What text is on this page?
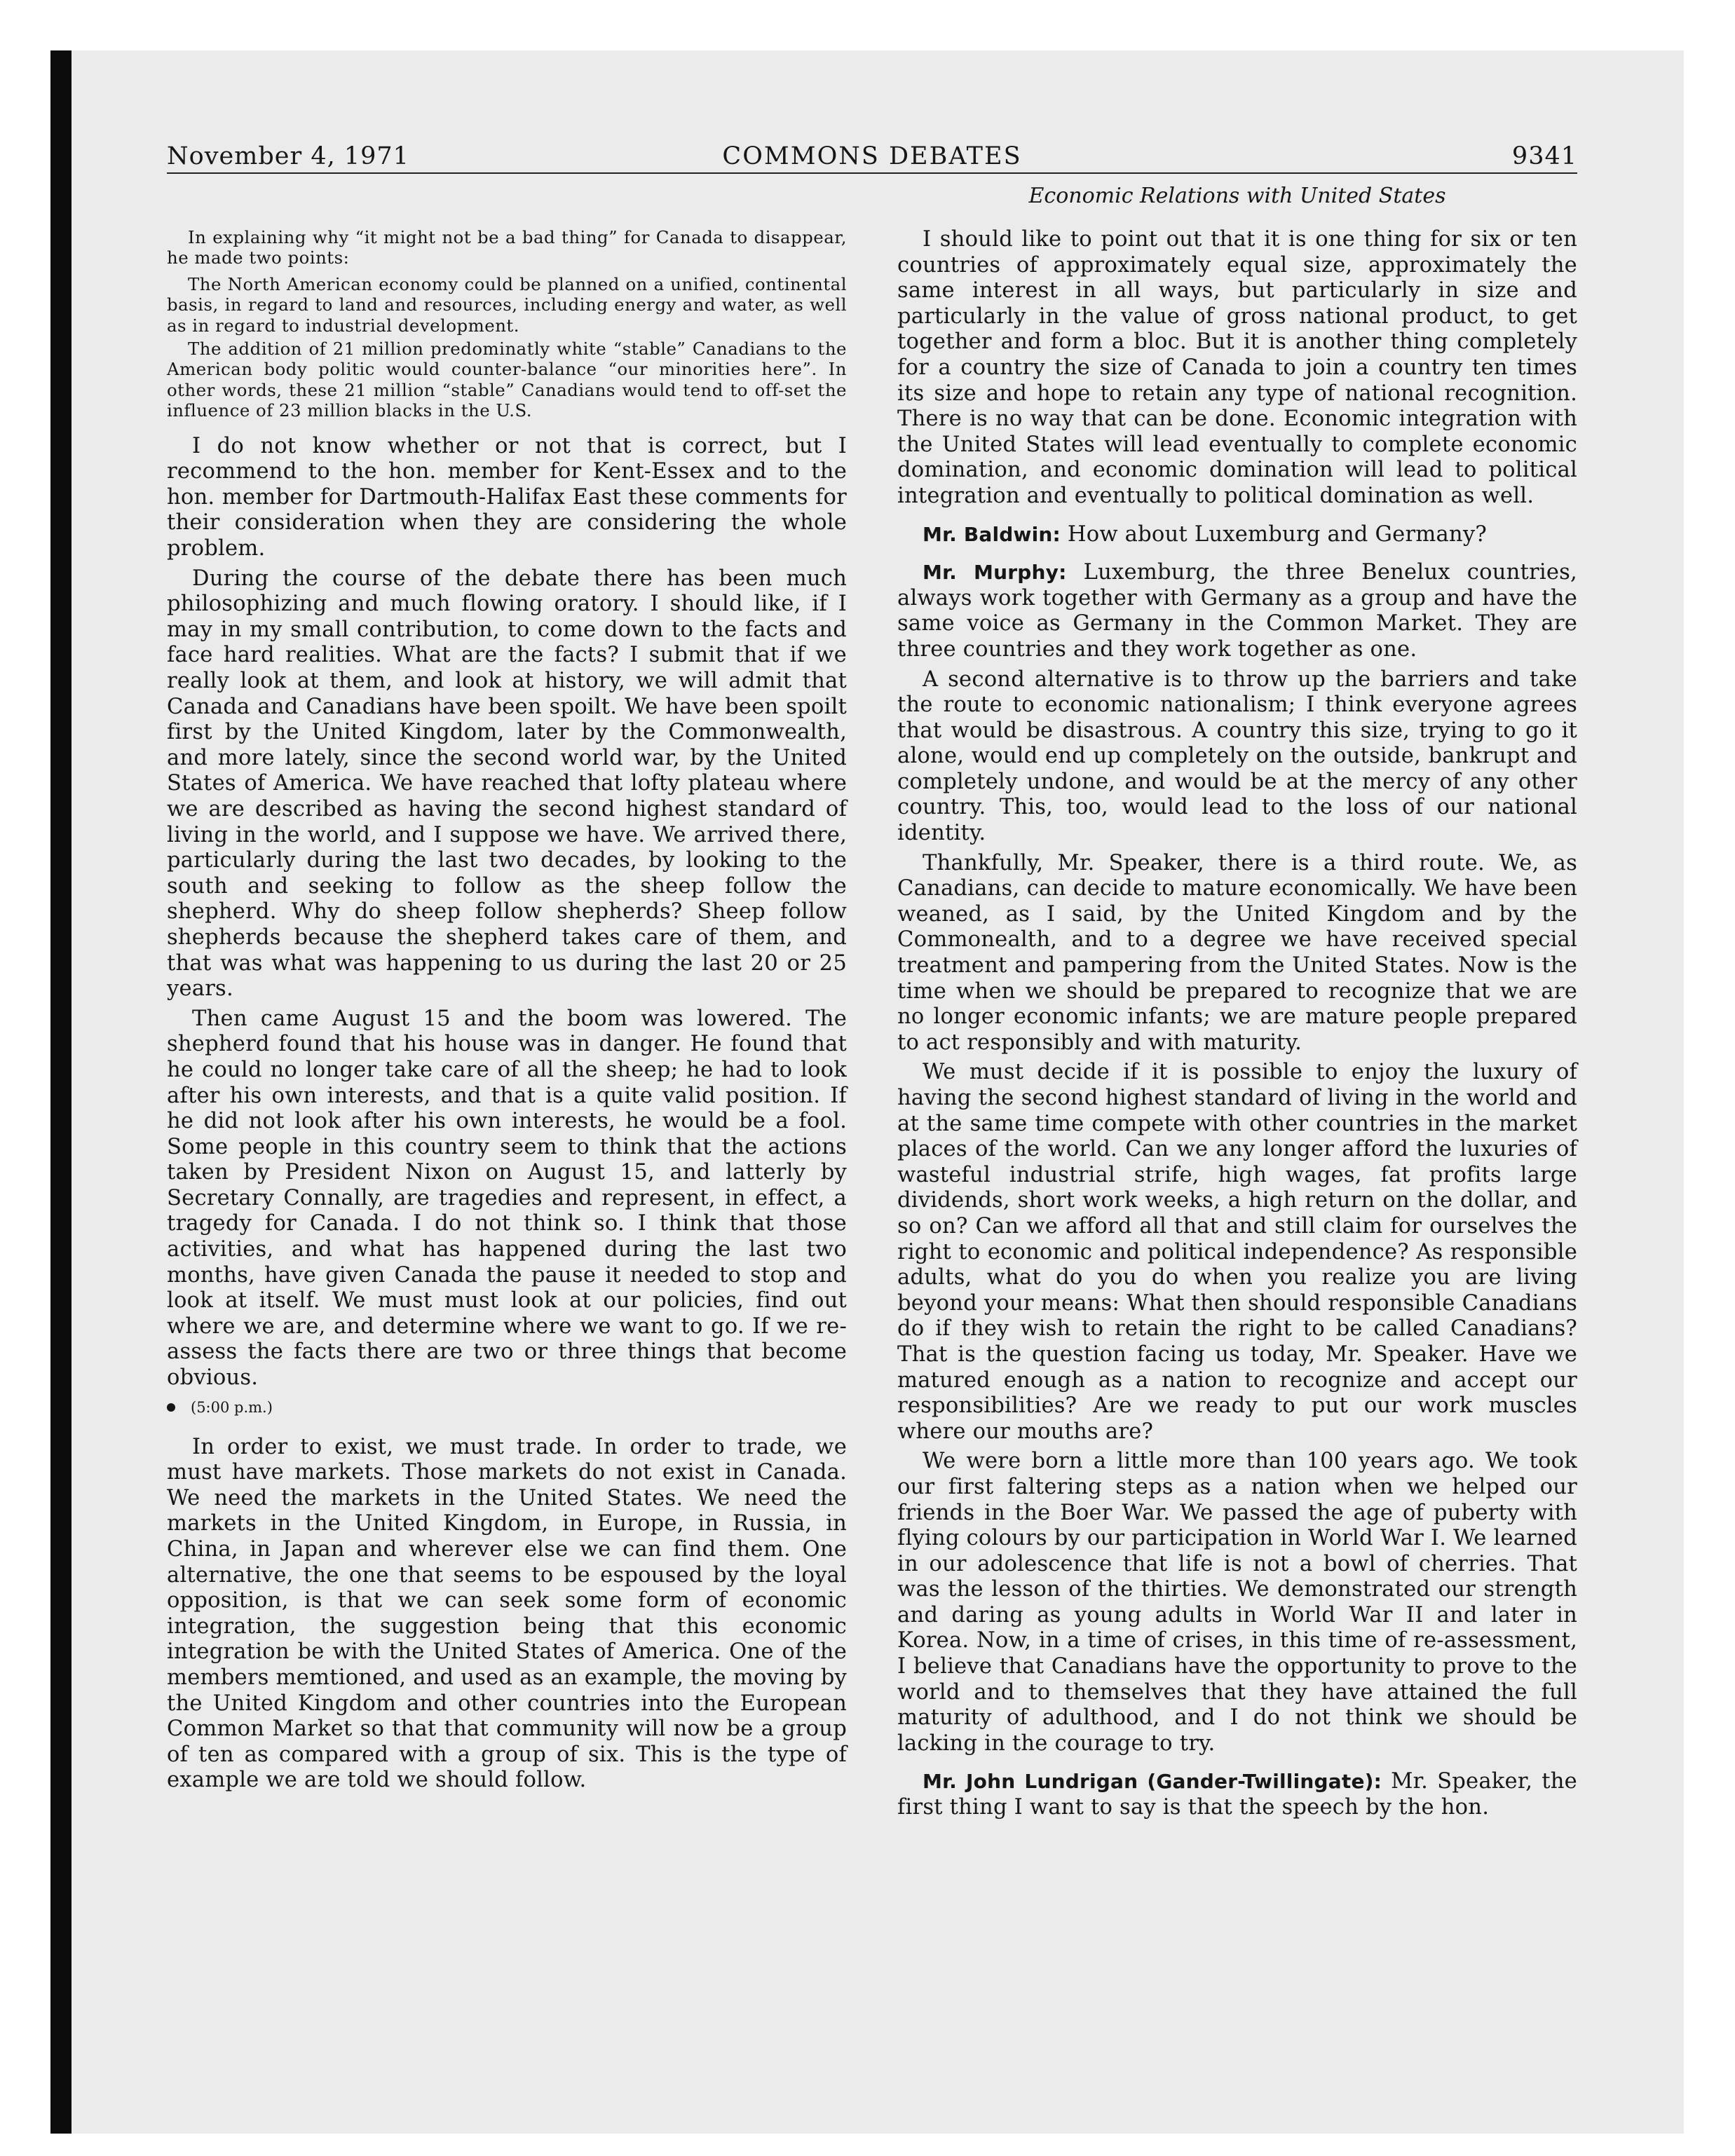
November 4, 1971	COMMONS DEBATES	9341
Economic Relations with United States

In explaining why “it might not be a bad thing” for Canada to disappear, he made two points:

The North American economy could be planned on a unified, continental basis, in regard to land and resources, including energy and water, as well as in regard to industrial development.

The addition of 21 million predominatly white “stable” Canadians to the American body politic would counter-balance “our minorities here”. In other words, these 21 million “stable” Canadians would tend to off-set the influence of 23 million blacks in the U.S.

I do not know whether or not that is correct, but I recommend to the hon. member for Kent-Essex and to the hon. member for Dartmouth-Halifax East these comments for their consideration when they are considering the whole problem.

During the course of the debate there has been much philosophizing and much flowing oratory. I should like, if I may in my small contribution, to come down to the facts and face hard realities. What are the facts? I submit that if we really look at them, and look at history, we will admit that Canada and Canadians have been spoilt. We have been spoilt first by the United Kingdom, later by the Commonwealth, and more lately, since the second world war, by the United States of America. We have reached that lofty plateau where we are described as having the second highest standard of living in the world, and I suppose we have. We arrived there, particularly during the last two decades, by looking to the south and seeking to follow as the sheep follow the shepherd. Why do sheep follow shepherds? Sheep follow shepherds because the shepherd takes care of them, and that was what was happening to us during the last 20 or 25 years.

Then came August 15 and the boom was lowered. The shepherd found that his house was in danger. He found that he could no longer take care of all the sheep; he had to look after his own interests, and that is a quite valid position. If he did not look after his own interests, he would be a fool. Some people in this country seem to think that the actions taken by President Nixon on August 15, and latterly by Secretary Connally, are tragedies and represent, in effect, a tragedy for Canada. I do not think so. I think that those activities, and what has happened during the last two months, have given Canada the pause it needed to stop and look at itself. We must must look at our policies, find out where we are, and determine where we want to go. If we re-assess the facts there are two or three things that become obvious.

(5:00 p.m.)

In order to exist, we must trade. In order to trade, we must have markets. Those markets do not exist in Canada. We need the markets in the United States. We need the markets in the United Kingdom, in Europe, in Russia, in China, in Japan and wherever else we can find them. One alternative, the one that seems to be espoused by the loyal opposition, is that we can seek some form of economic integration, the suggestion being that this economic integration be with the United States of America. One of the members memtioned, and used as an example, the moving by the United Kingdom and other countries into the European Common Market so that that community will now be a group of ten as compared with a group of six. This is the type of example we are told we should follow.

I should like to point out that it is one thing for six or ten countries of approximately equal size, approximately the same interest in all ways, but particularly in size and particularly in the value of gross national product, to get together and form a bloc. But it is another thing completely for a country the size of Canada to join a country ten times its size and hope to retain any type of national recognition. There is no way that can be done. Economic integration with the United States will lead eventually to complete economic domination, and economic domination will lead to political integration and eventually to political domination as well.

Mr. Baldwin: How about Luxemburg and Germany?

Mr. Murphy: Luxemburg, the three Benelux countries, always work together with Germany as a group and have the same voice as Germany in the Common Market. They are three countries and they work together as one.

A second alternative is to throw up the barriers and take the route to economic nationalism; I think everyone agrees that would be disastrous. A country this size, trying to go it alone, would end up completely on the outside, bankrupt and completely undone, and would be at the mercy of any other country. This, too, would lead to the loss of our national identity.

Thankfully, Mr. Speaker, there is a third route. We, as Canadians, can decide to mature economically. We have been weaned, as I said, by the United Kingdom and by the Commonealth, and to a degree we have received special treatment and pampering from the United States. Now is the time when we should be prepared to recognize that we are no longer economic infants; we are mature people prepared to act responsibly and with maturity.

We must decide if it is possible to enjoy the luxury of having the second highest standard of living in the world and at the same time compete with other countries in the market places of the world. Can we any longer afford the luxuries of wasteful industrial strife, high wages, fat profits large dividends, short work weeks, a high return on the dollar, and so on? Can we afford all that and still claim for ourselves the right to economic and political independence? As responsible adults, what do you do when you realize you are living beyond your means: What then should responsible Canadians do if they wish to retain the right to be called Canadians? That is the question facing us today, Mr. Speaker. Have we matured enough as a nation to recognize and accept our responsibilities? Are we ready to put our work muscles where our mouths are?

We were born a little more than 100 years ago. We took our first faltering steps as a nation when we helped our friends in the Boer War. We passed the age of puberty with flying colours by our participation in World War I. We learned in our adolescence that life is not a bowl of cherries. That was the lesson of the thirties. We demonstrated our strength and daring as young adults in World War II and later in Korea. Now, in a time of crises, in this time of re-assessment, I believe that Canadians have the opportunity to prove to the world and to themselves that they have attained the full maturity of adulthood, and I do not think we should be lacking in the courage to try.

Mr. John Lundrigan (Gander-Twillingate): Mr. Speaker, the first thing I want to say is that the speech by the hon.
